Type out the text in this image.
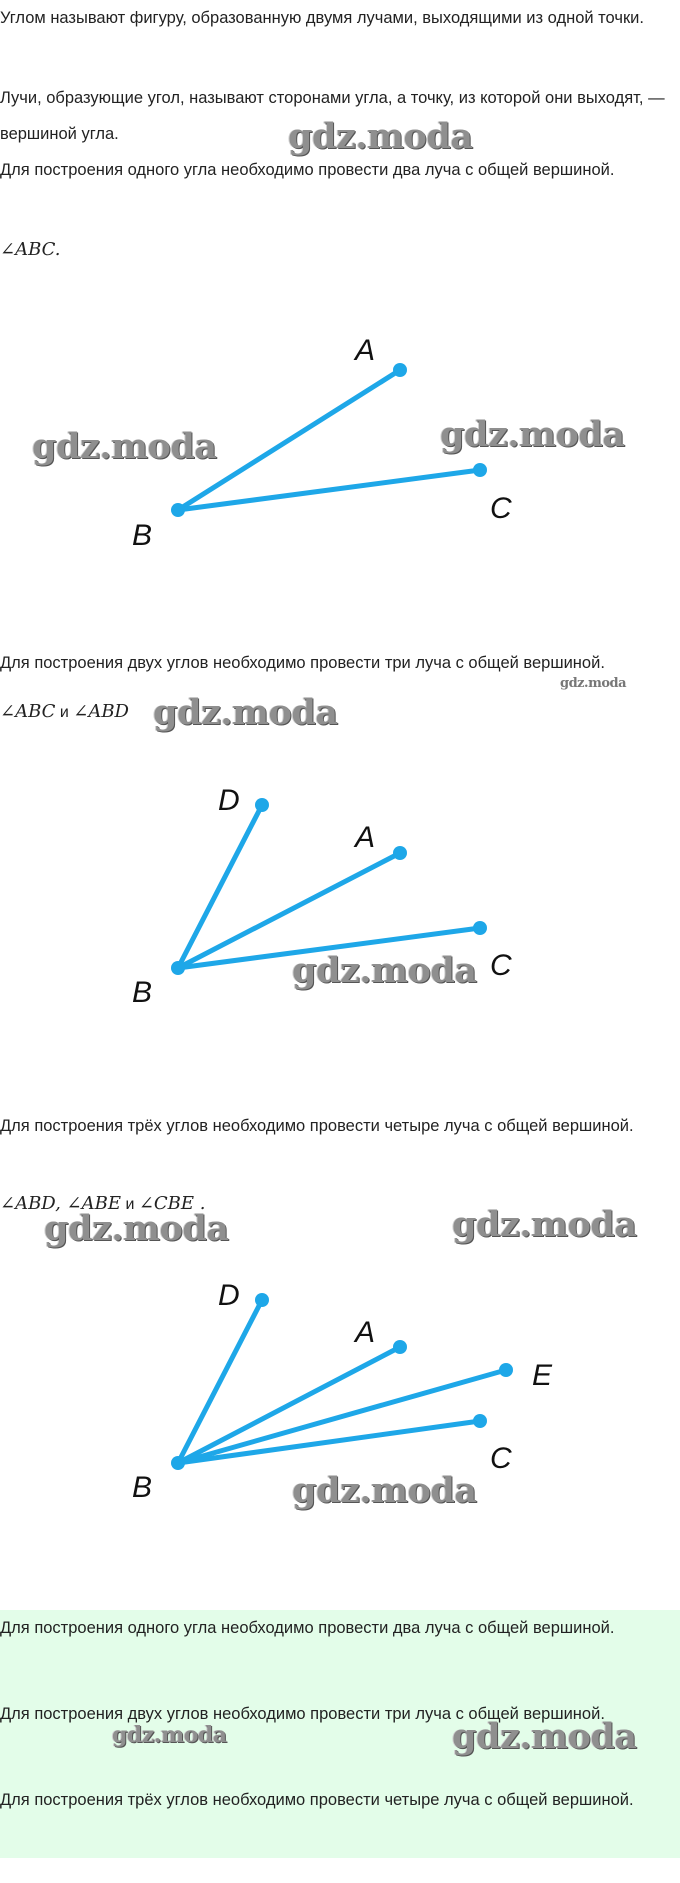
Углом называют фигуру, образованную двумя лучами, выходящими из одной точки.

Лучи, образующие угол, называют сторонами угла, а точку, из которой они выходят, — вершиной угла.

Для построения одного угла необходимо провести два луча с общей вершиной.

∠ABC.
A
B
C

Для построения двух углов необходимо провести три луча с общей вершиной.

∠ABC и ∠ABD
D
A
B
C

Для построения трёх углов необходимо провести четыре луча с общей вершиной.

∠ABD, ∠ABE и ∠CBE .
D
A
E
B
C

Для построения одного угла необходимо провести два луча с общей вершиной.

Для построения двух углов необходимо провести три луча с общей вершиной.

Для построения трёх углов необходимо провести четыре луча с общей вершиной.

gdz.moda
gdz.moda	gdz.moda
gdz.moda
gdz.moda
gdz.moda
gdz.moda	gdz.moda
gdz.moda
gdz.moda	gdz.moda
